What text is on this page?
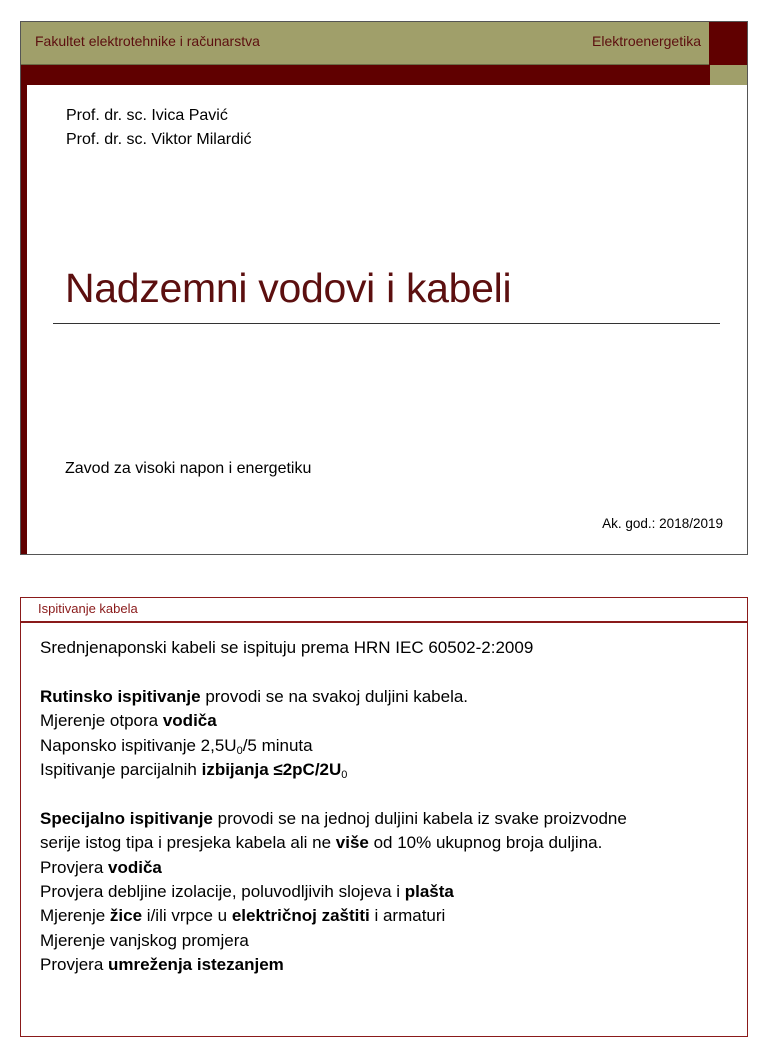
Fakultet elektrotehnike i računarstva	Elektroenergetika
Prof. dr. sc. Ivica Pavić
Prof. dr. sc. Viktor Milardić
Nadzemni vodovi i kabeli
Zavod za visoki napon i energetiku
Ak. god.: 2018/2019
Ispitivanje kabela

Srednjenaponski kabeli se ispituju prema HRN IEC 60502-2:2009

Rutinsko ispitivanje provodi se na svakoj duljini kabela.

Mjerenje otpora vodiča

Naponsko ispitivanje $2,5U_0/5$ minuta

Ispitivanje parcijalnih izbijanja $\le 2pC/2U_0$

Specijalno ispitivanje provodi se na jednoj duljini kabela iz svake proizvodne

serije istog tipa i presjeka kabela ali ne više od 10% ukupnog broja duljina.

Provjera vodiča

Provjera debljine izolacije, poluvodljivih slojeva i plašta

Mjerenje žice i/ili vrpce u električnoj zaštiti i armaturi

Mjerenje vanjskog promjera

Provjera umreženja istezanjem
